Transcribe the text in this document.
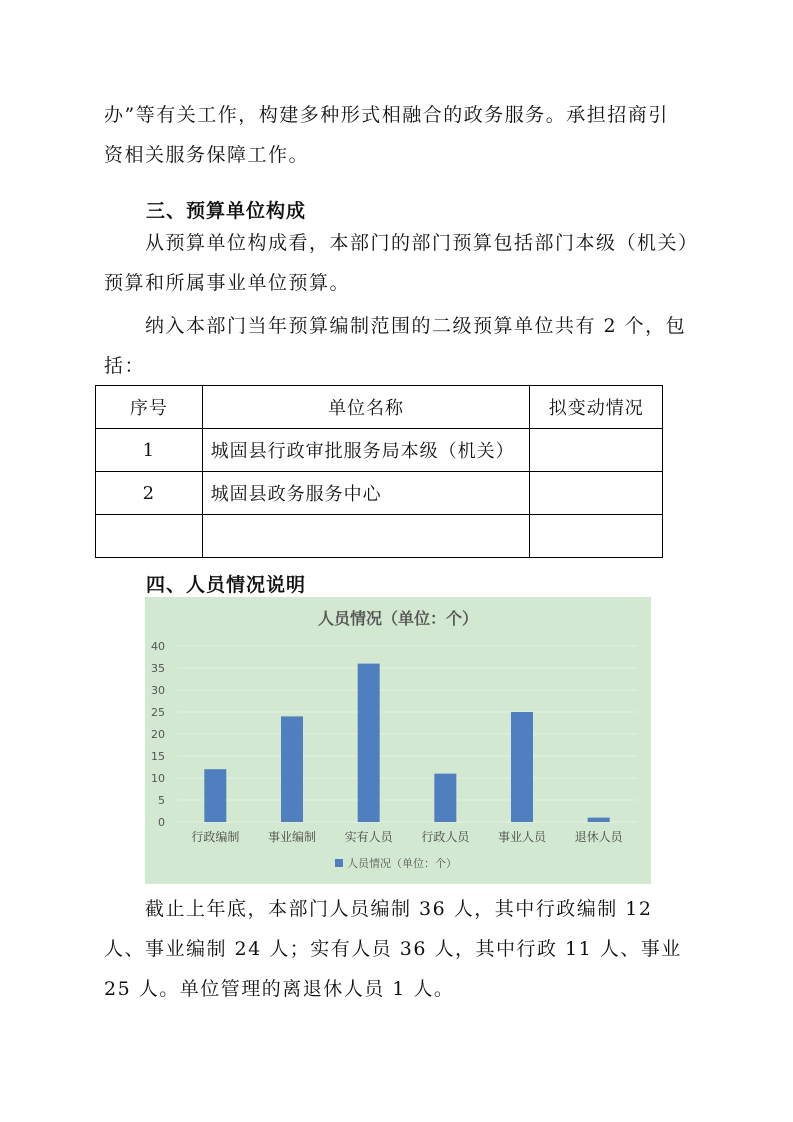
办”等有关工作，构建多种形式相融合的政务服务。承担招商引
资相关服务保障工作。
三、预算单位构成

从预算单位构成看，本部门的部门预算包括部门本级（机关）预算和所属事业单位预算。

纳入本部门当年预算编制范围的二级预算单位共有 2 个，包括：

序号	单位名称	拟变动情况
1	城固县行政审批服务局本级（机关）	
2	城固县政务服务中心	

四、人员情况说明
人员情况（单位：个）
0
5
10
15
20
25
30
35
40
行政编制 事业编制 实有人员 行政人员 事业人员 退休人员
人员情况（单位：个）

截止上年底，本部门人员编制 36 人，其中行政编制 12 人、事业编制 24 人；实有人员 36 人，其中行政 11 人、事业 25 人。单位管理的离退休人员 1 人。
